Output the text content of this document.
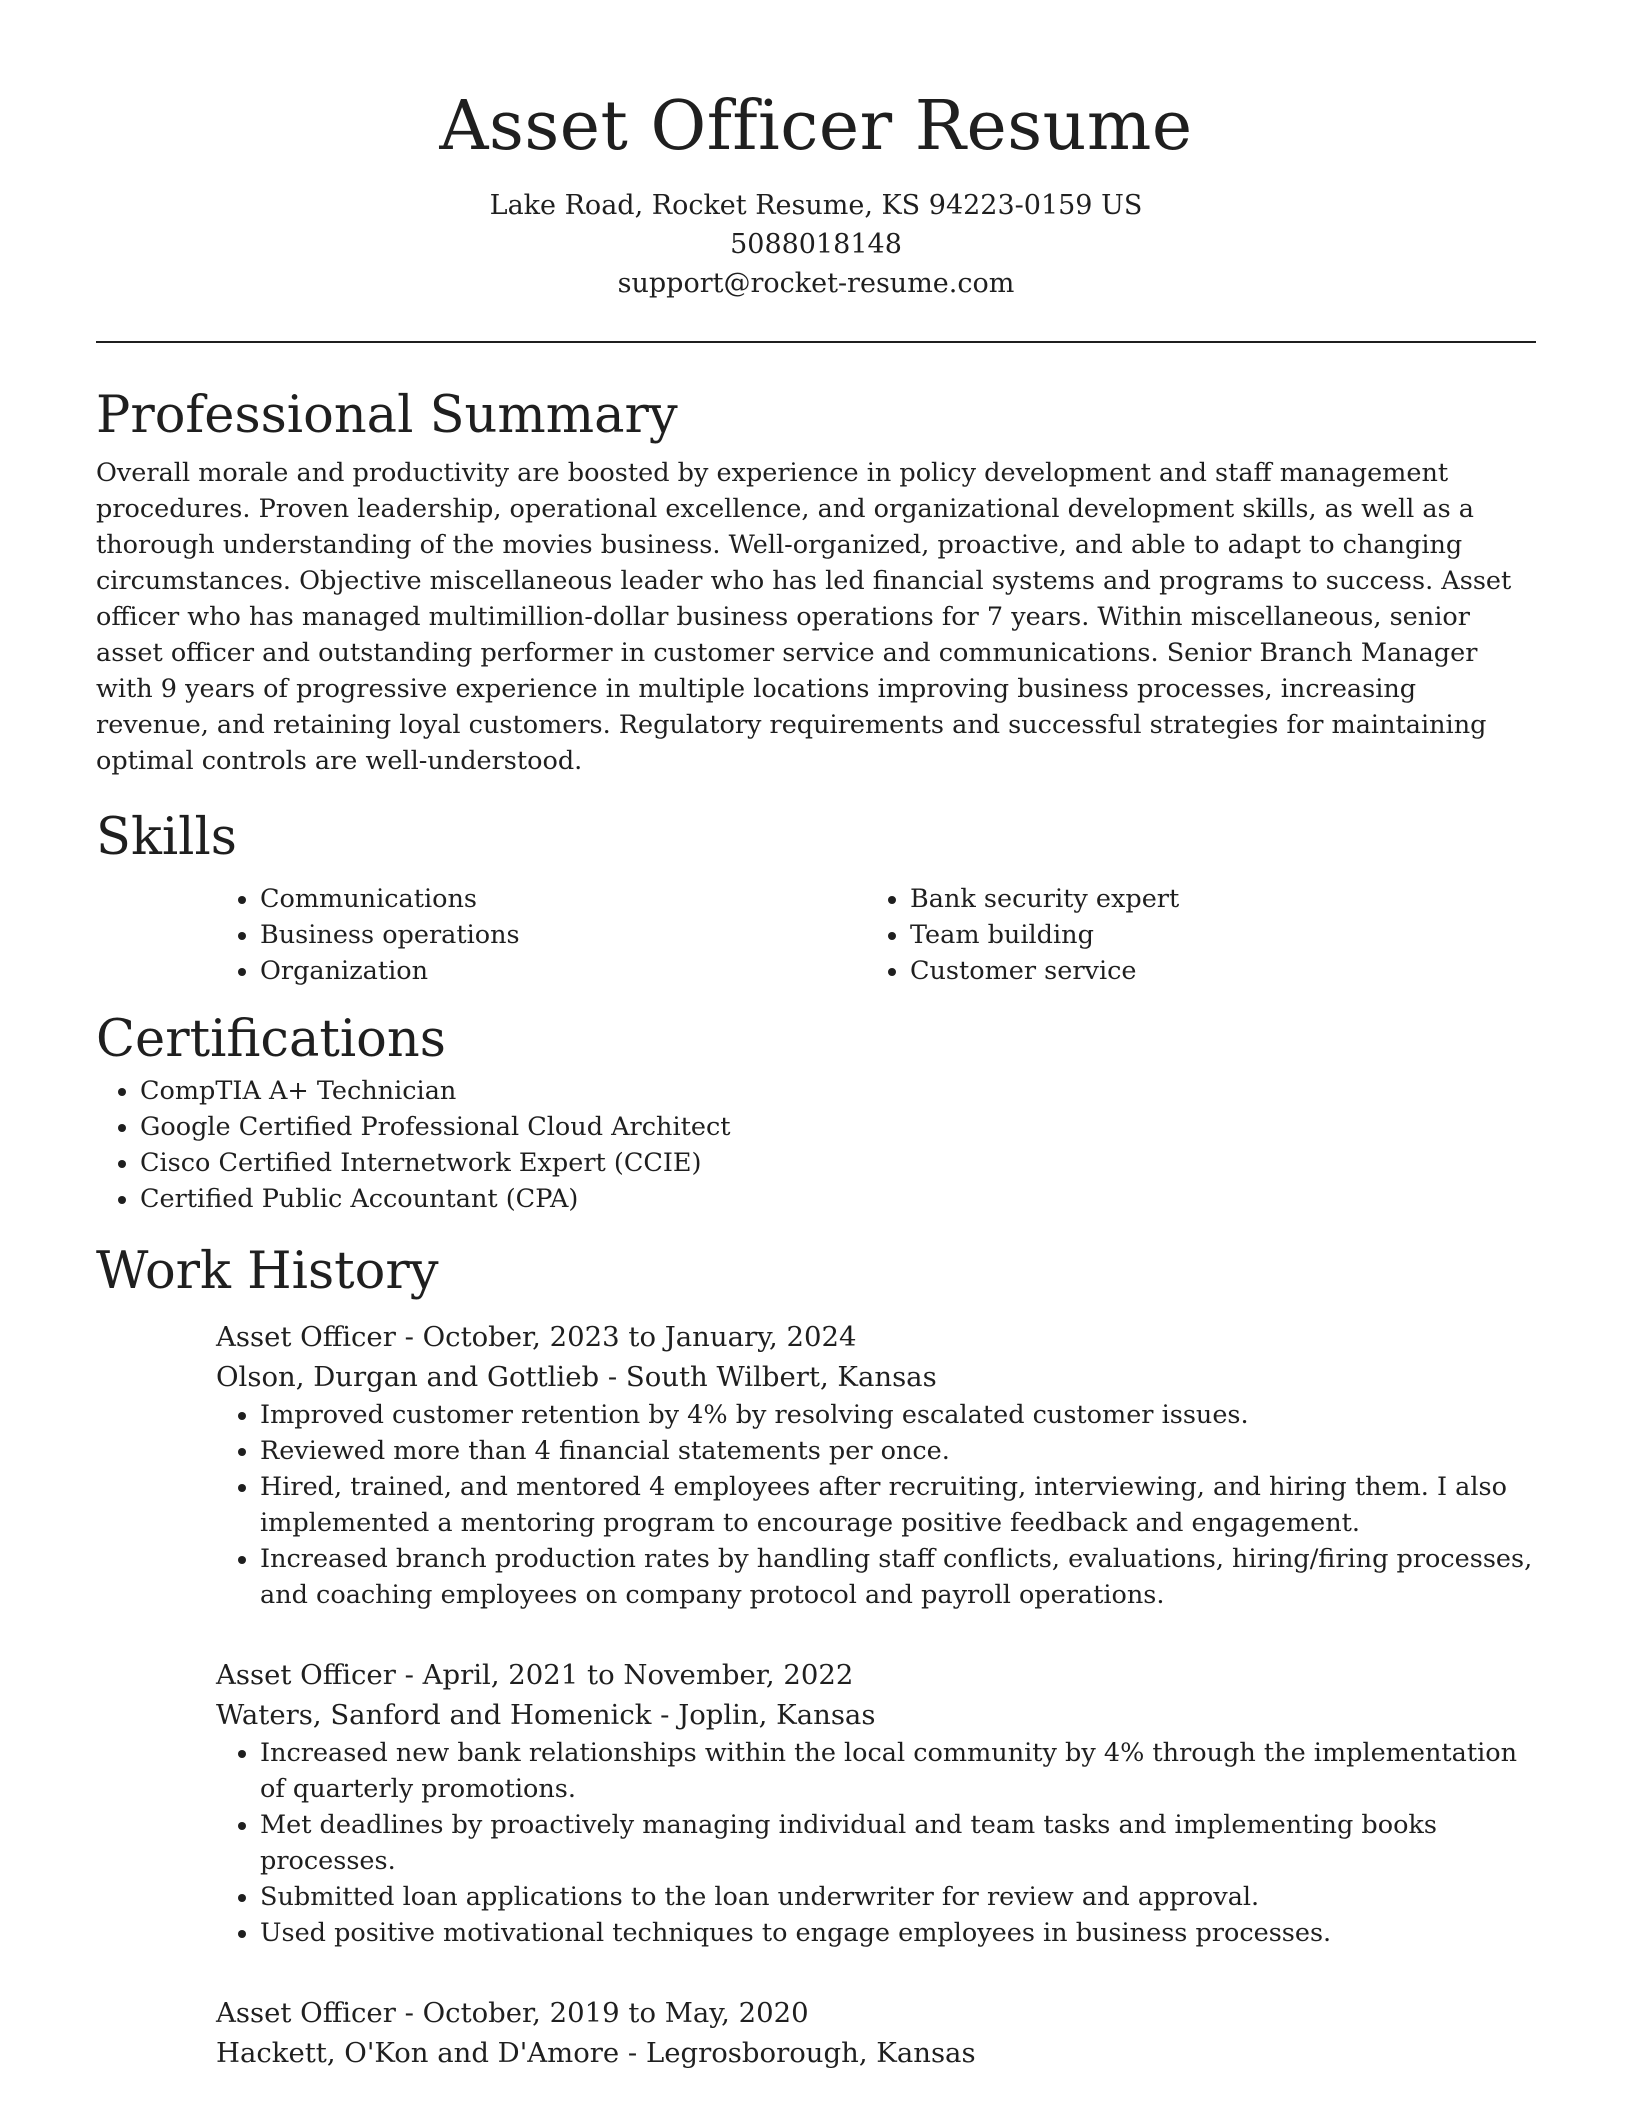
Asset Officer Resume

Lake Road, Rocket Resume, KS 94223-0159 US

5088018148

support@rocket-resume.com

Professional Summary

Overall morale and productivity are boosted by experience in policy development and staff management procedures. Proven leadership, operational excellence, and organizational development skills, as well as a thorough understanding of the movies business. Well-organized, proactive, and able to adapt to changing circumstances. Objective miscellaneous leader who has led financial systems and programs to success. Asset officer who has managed multimillion-dollar business operations for 7 years. Within miscellaneous, senior asset officer and outstanding performer in customer service and communications. Senior Branch Manager with 9 years of progressive experience in multiple locations improving business processes, increasing revenue, and retaining loyal customers. Regulatory requirements and successful strategies for maintaining optimal controls are well-understood.

Skills
• Communications
• Business operations
• Organization
• Bank security expert
• Team building
• Customer service
Certifications
• CompTIA A+ Technician
• Google Certified Professional Cloud Architect
• Cisco Certified Internetwork Expert (CCIE)
• Certified Public Accountant (CPA)
Work History

Asset Officer - October, 2023 to January, 2024

Olson, Durgan and Gottlieb - South Wilbert, Kansas

• Improved customer retention by 4% by resolving escalated customer issues.
• Reviewed more than 4 financial statements per once.
• Hired, trained, and mentored 4 employees after recruiting, interviewing, and hiring them. I also implemented a mentoring program to encourage positive feedback and engagement.
• Increased branch production rates by handling staff conflicts, evaluations, hiring/firing processes, and coaching employees on company protocol and payroll operations.

Asset Officer - April, 2021 to November, 2022

Waters, Sanford and Homenick - Joplin, Kansas

• Increased new bank relationships within the local community by 4% through the implementation of quarterly promotions.
• Met deadlines by proactively managing individual and team tasks and implementing books processes.
• Submitted loan applications to the loan underwriter for review and approval.
• Used positive motivational techniques to engage employees in business processes.

Asset Officer - October, 2019 to May, 2020

Hackett, O'Kon and D'Amore - Legrosborough, Kansas
